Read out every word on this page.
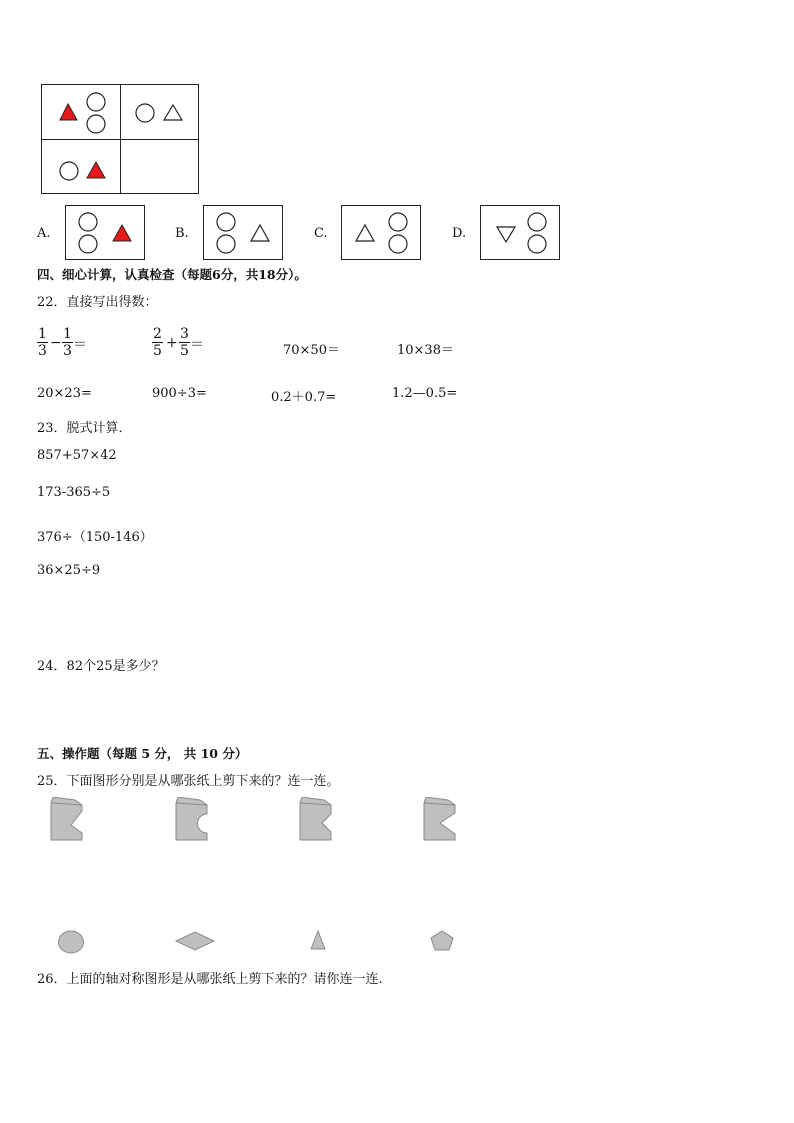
A.	B.	C.	D.
四、细心计算，认真检查（每题6分，共18分）。
22．直接写出得数：
$\frac{1}{3} - \frac{1}{3}$ ＝	$\frac{2}{5} + \frac{3}{5}$ ＝	70×50＝	10×38＝
20×23=	900÷3=	0.2＋0.7=	1.2—0.5=
23．脱式计算．
857+57×42
173-365÷5
376÷（150-146）
36×25÷9
24．82个25是多少？
五、操作题（每题 5 分， 共 10 分）
25．下面图形分别是从哪张纸上剪下来的？连一连。
26．上面的轴对称图形是从哪张纸上剪下来的？请你连一连.
